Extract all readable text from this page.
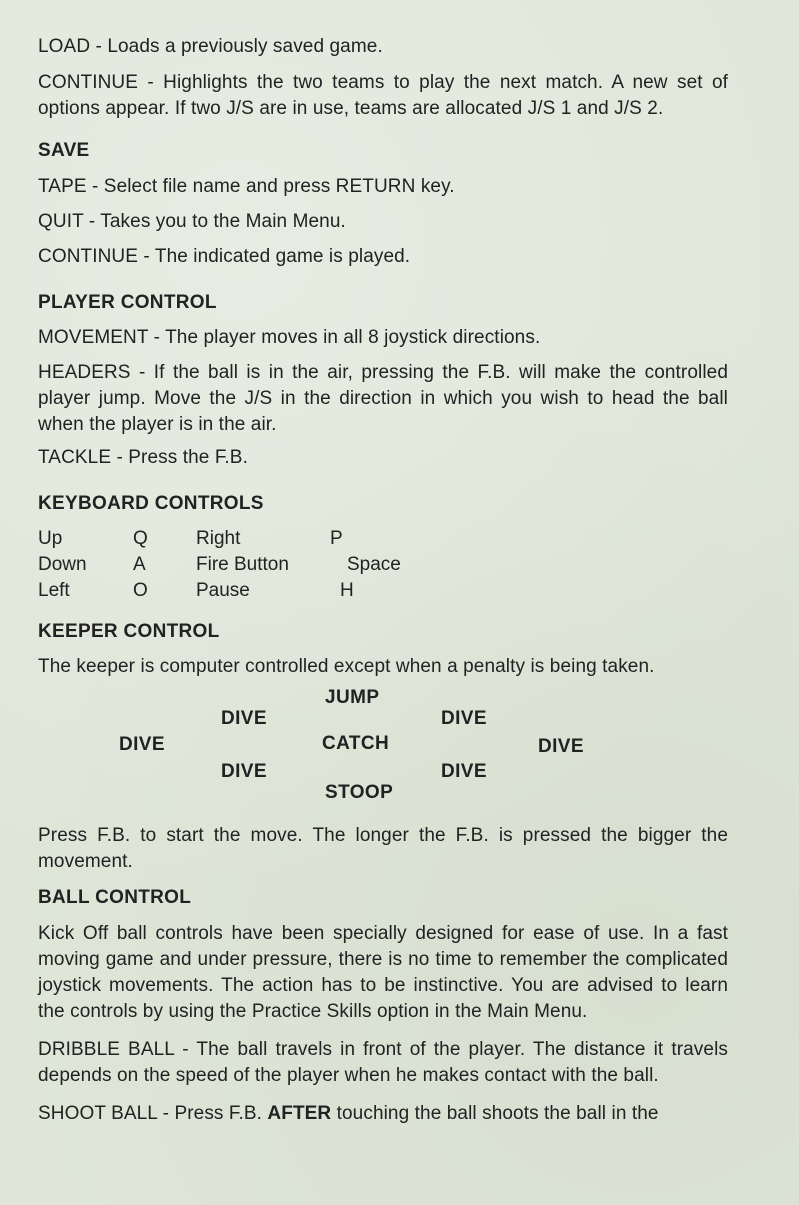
LOAD - Loads a previously saved game.

CONTINUE - Highlights the two teams to play the next match. A new set of options appear. If two J/S are in use, teams are allocated J/S 1 and J/S 2.

SAVE

TAPE - Select file name and press RETURN key.

QUIT - Takes you to the Main Menu.

CONTINUE - The indicated game is played.

PLAYER CONTROL

MOVEMENT - The player moves in all 8 joystick directions.

HEADERS - If the ball is in the air, pressing the F.B. will make the controlled player jump. Move the J/S in the direction in which you wish to head the ball when the player is in the air.

TACKLE - Press the F.B.

KEYBOARD CONTROLS

Up	Q	Right	P
Down A	Fire Button	Space
Left	O	Pause	H

KEEPER CONTROL

The keeper is computer controlled except when a penalty is being taken.

JUMP
DIVE	DIVE
DIVE	CATCH	DIVE
DIVE	DIVE
STOOP

Press F.B. to start the move. The longer the F.B. is pressed the bigger the movement.

BALL CONTROL

Kick Off ball controls have been specially designed for ease of use. In a fast moving game and under pressure, there is no time to remember the complicated joystick movements. The action has to be instinctive. You are advised to learn the controls by using the Practice Skills option in the Main Menu.

DRIBBLE BALL - The ball travels in front of the player. The distance it travels depends on the speed of the player when he makes contact with the ball.

SHOOT BALL - Press F.B. AFTER touching the ball shoots the ball in the
